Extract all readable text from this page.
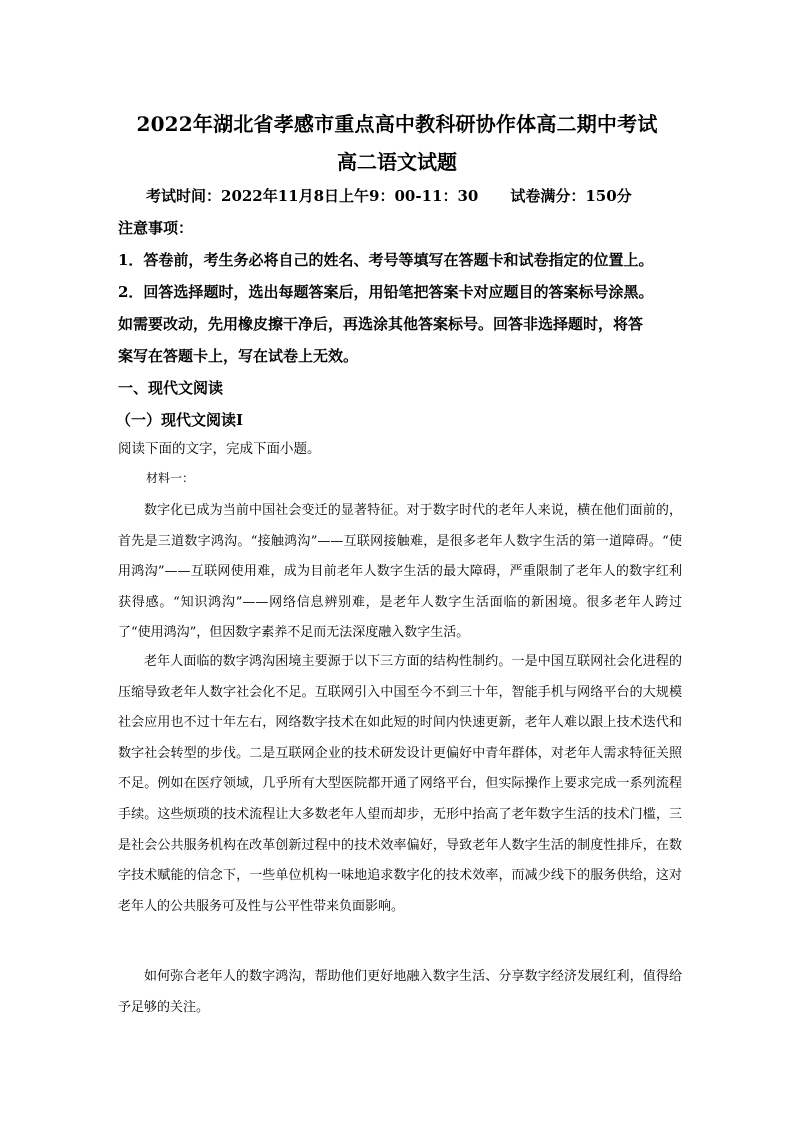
2022年湖北省孝感市重点高中教科研协作体高二期中考试
高二语文试题
考试时间：2022年11月8日上午9：00-11：30 试卷满分：150分
注意事项：
1．答卷前，考生务必将自己的姓名、考号等填写在答题卡和试卷指定的位置上。
2．回答选择题时，选出每题答案后，用铅笔把答案卡对应题目的答案标号涂黑。
如需要改动，先用橡皮擦干净后，再选涂其他答案标号。回答非选择题时，将答
案写在答题卡上，写在试卷上无效。
一、现代文阅读
（一）现代文阅读Ⅰ
阅读下面的文字，完成下面小题。
材料一：

数字化已成为当前中国社会变迁的显著特征。对于数字时代的老年人来说，横在他们面前的，首先是三道数字鸿沟。“接触鸿沟”——互联网接触难，是很多老年人数字生活的第一道障碍。“使用鸿沟”——互联网使用难，成为目前老年人数字生活的最大障碍，严重限制了老年人的数字红利获得感。“知识鸿沟”——网络信息辨别难，是老年人数字生活面临的新困境。很多老年人跨过了“使用鸿沟”，但因数字素养不足而无法深度融入数字生活。

老年人面临的数字鸿沟困境主要源于以下三方面的结构性制约。一是中国互联网社会化进程的压缩导致老年人数字社会化不足。互联网引入中国至今不到三十年，智能手机与网络平台的大规模社会应用也不过十年左右，网络数字技术在如此短的时间内快速更新，老年人难以跟上技术迭代和数字社会转型的步伐。二是互联网企业的技术研发设计更偏好中青年群体，对老年人需求特征关照不足。例如在医疗领域，几乎所有大型医院都开通了网络平台，但实际操作上要求完成一系列流程手续。这些烦琐的技术流程让大多数老年人望而却步，无形中抬高了老年数字生活的技术门槛，三是社会公共服务机构在改革创新过程中的技术效率偏好，导致老年人数字生活的制度性排斥，在数字技术赋能的信念下，一些单位机构一味地追求数字化的技术效率，而减少线下的服务供给，这对老年人的公共服务可及性与公平性带来负面影响。

如何弥合老年人的数字鸿沟，帮助他们更好地融入数字生活、分享数字经济发展红利，值得给予足够的关注。
